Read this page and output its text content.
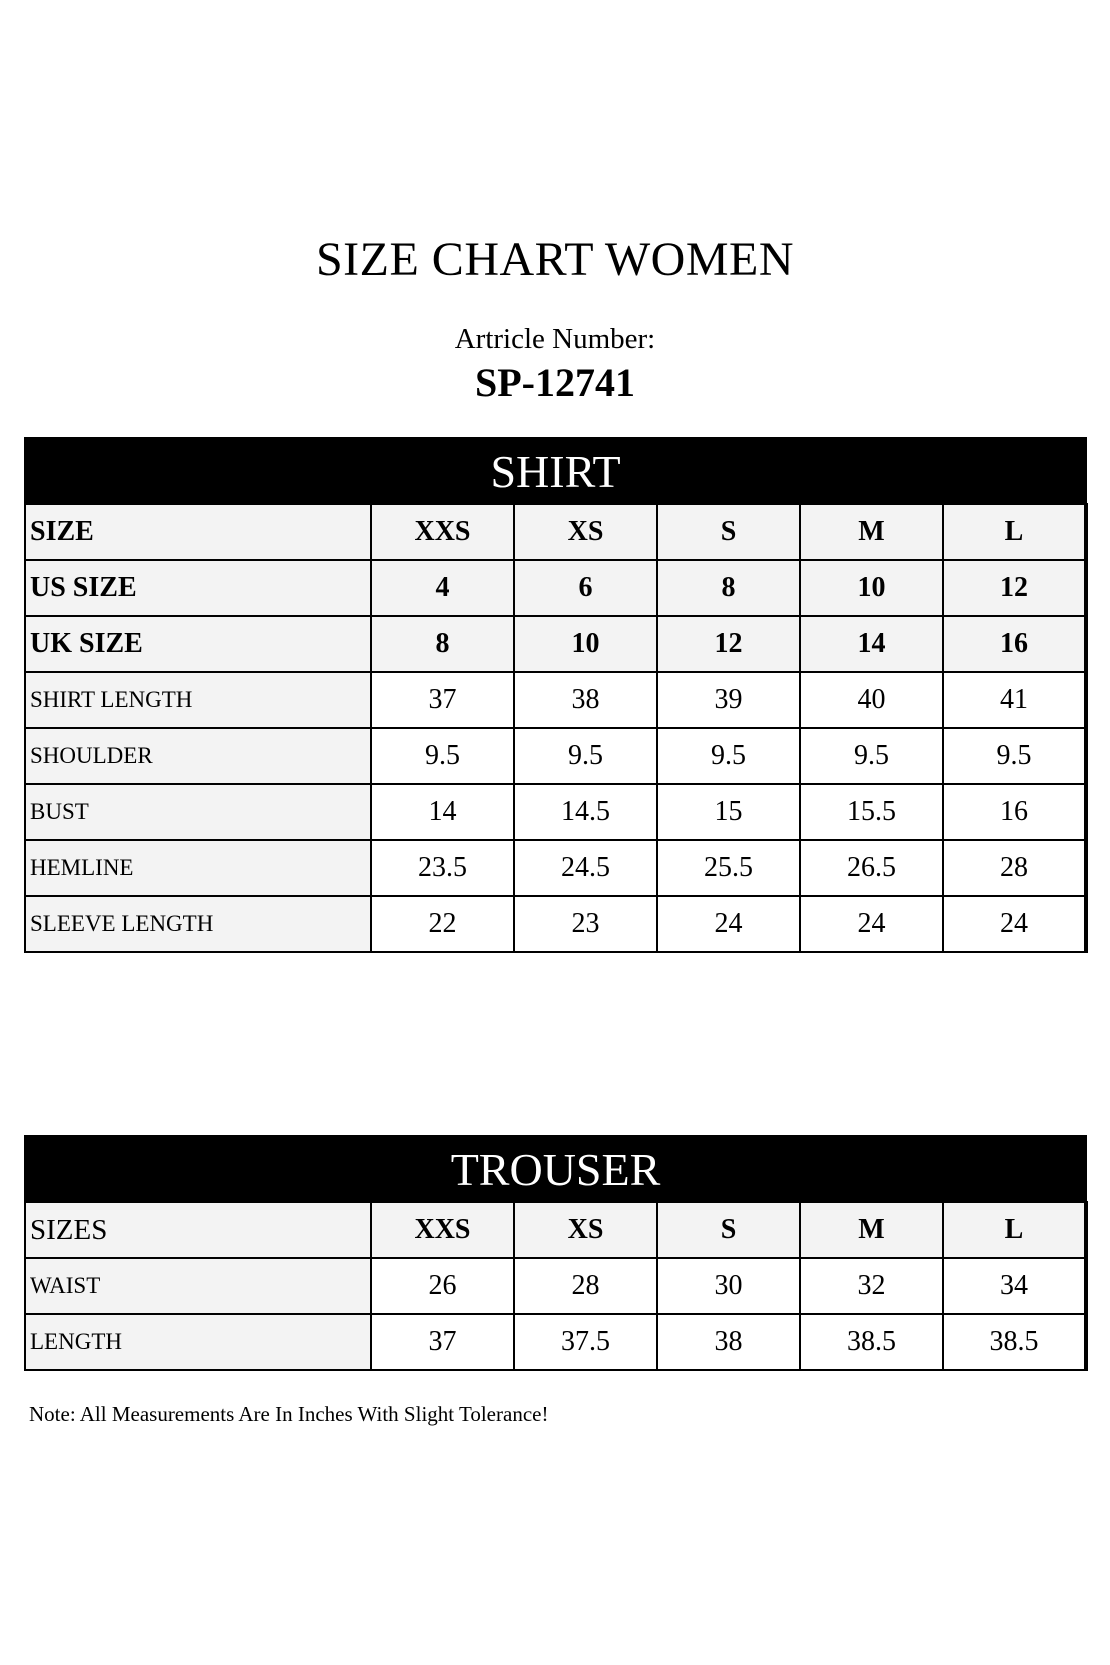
SIZE CHART WOMEN
Artricle Number:
SP-12741
SHIRT					
SIZE	XXS	XS	S	M	L
US SIZE	4	6	8	10	12
UK SIZE	8	10	12	14	16
SHIRT LENGTH	37	38	39	40	41
SHOULDER	9.5	9.5	9.5	9.5	9.5
BUST	14	14.5	15	15.5	16
HEMLINE	23.5	24.5	25.5	26.5	28
SLEEVE LENGTH	22	23	24	24	24
TROUSER					
SIZES	XXS	XS	S	M	L
WAIST	26	28	30	32	34
LENGTH	37	37.5	38	38.5	38.5
Note: All Measurements Are In Inches With Slight Tolerance!
